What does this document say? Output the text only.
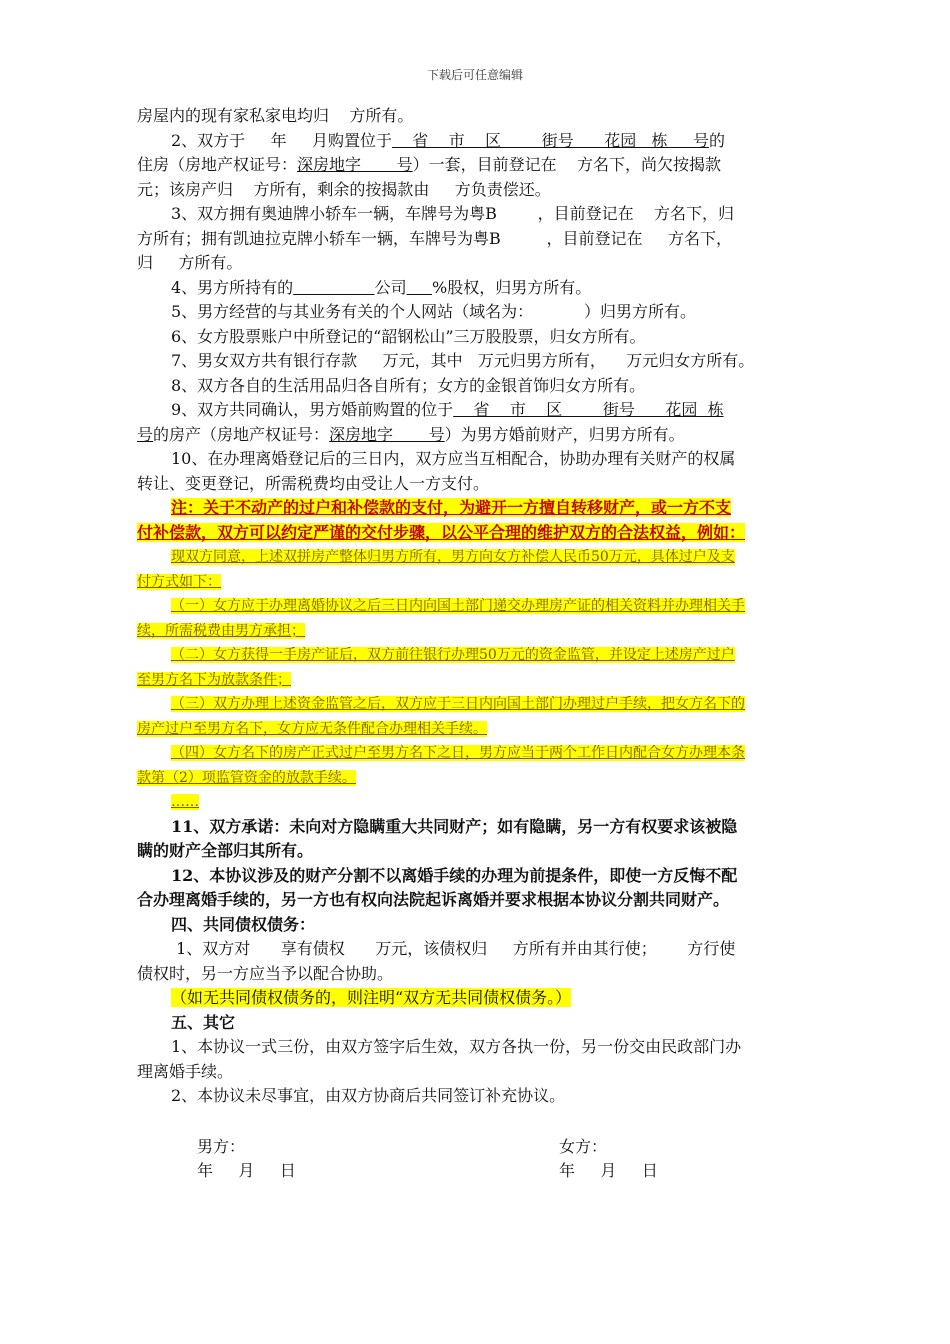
下载后可任意编辑
房屋内的现有家私家电均归    方所有。
2、双方于     年     月购置位于    省    市    区        街号      花园   栋     号的
住房（房地产权证号：深房地字       号）一套，目前登记在    方名下，尚欠按揭款
元；该房产归    方所有，剩余的按揭款由     方负责偿还。
3、双方拥有奥迪牌小轿车一辆，车牌号为粤B        ，目前登记在    方名下，归
方所有；拥有凯迪拉克牌小轿车一辆，车牌号为粤B         ，目前登记在     方名下，
归     方所有。
4、男方所持有的	公司 %股权，归男方所有。
5、男方经营的与其业务有关的个人网站（域名为：          ）归男方所有。
6、女方股票账户中所登记的“韶钢松山”三万股股票，归女方所有。
7、男女双方共有银行存款     万元，其中   万元归男方所有，    万元归女方所有。
8、双方各自的生活用品归各自所有；女方的金银首饰归女方所有。
9、双方共同确认，男方婚前购置的位于    省    市    区        街号      花园  栋
号的房产（房地产权证号：深房地字       号）为男方婚前财产，归男方所有。
10、在办理离婚登记后的三日内，双方应当互相配合，协助办理有关财产的权属
转让、变更登记，所需税费均由受让人一方支付。
注：关于不动产的过户和补偿款的支付，为避开一方擅自转移财产，或一方不支
付补偿款，双方可以约定严谨的交付步骤，以公平合理的维护双方的合法权益，例如：
现双方同意，上述双拼房产整体归男方所有，男方向女方补偿人民币50万元，具体过户及支
付方式如下：
（一）女方应于办理离婚协议之后三日内向国土部门递交办理房产证的相关资料并办理相关手
续，所需税费由男方承担；
（二）女方获得一手房产证后，双方前往银行办理50万元的资金监管，并设定上述房产过户
至男方名下为放款条件；
（三）双方办理上述资金监管之后，双方应于三日内向国土部门办理过户手续，把女方名下的
房产过户至男方名下，女方应无条件配合办理相关手续。
（四）女方名下的房产正式过户至男方名下之日，男方应当于两个工作日内配合女方办理本条
款第（2）项监管资金的放款手续。
……
11、双方承诺：未向对方隐瞒重大共同财产；如有隐瞒，另一方有权要求该被隐
瞒的财产全部归其所有。
12、本协议涉及的财产分割不以离婚手续的办理为前提条件，即使一方反悔不配
合办理离婚手续的，另一方也有权向法院起诉离婚并要求根据本协议分割共同财产。
四、共同债权债务：
1、双方对      享有债权      万元，该债权归     方所有并由其行使；      方行使
债权时，另一方应当予以配合协助。
（如无共同债权债务的，则注明“双方无共同债权债务。）
五、其它
1、本协议一式三份，由双方签字后生效，双方各执一份，另一份交由民政部门办
理离婚手续。
2、本协议未尽事宜，由双方协商后共同签订补充协议。
男方：	女方：
年     月     日	年     月     日
